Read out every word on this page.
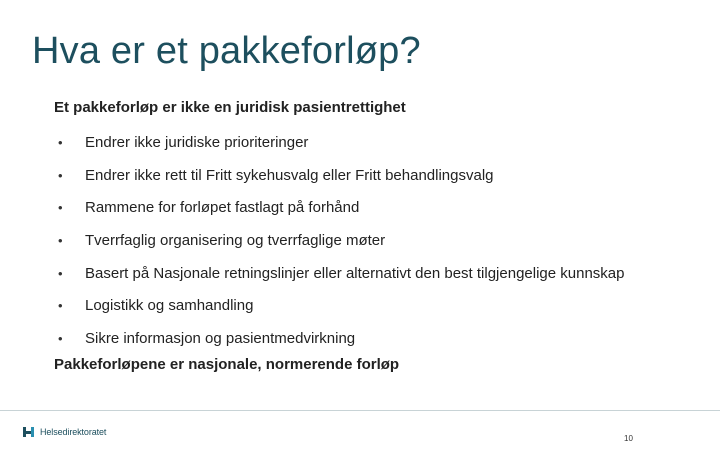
Hva er et pakkeforløp?
Et pakkeforløp er ikke en juridisk pasientrettighet
•	Endrer ikke juridiske prioriteringer
•	Endrer ikke rett til Fritt sykehusvalg eller Fritt behandlingsvalg
•	Rammene for forløpet fastlagt på forhånd
•	Tverrfaglig organisering og tverrfaglige møter
•	Basert på Nasjonale retningslinjer eller alternativt den best tilgjengelige kunnskap
•	Logistikk og samhandling
•	Sikre informasjon og pasientmedvirkning
Pakkeforløpene er nasjonale, normerende forløp
Helsedirektoratet
10
